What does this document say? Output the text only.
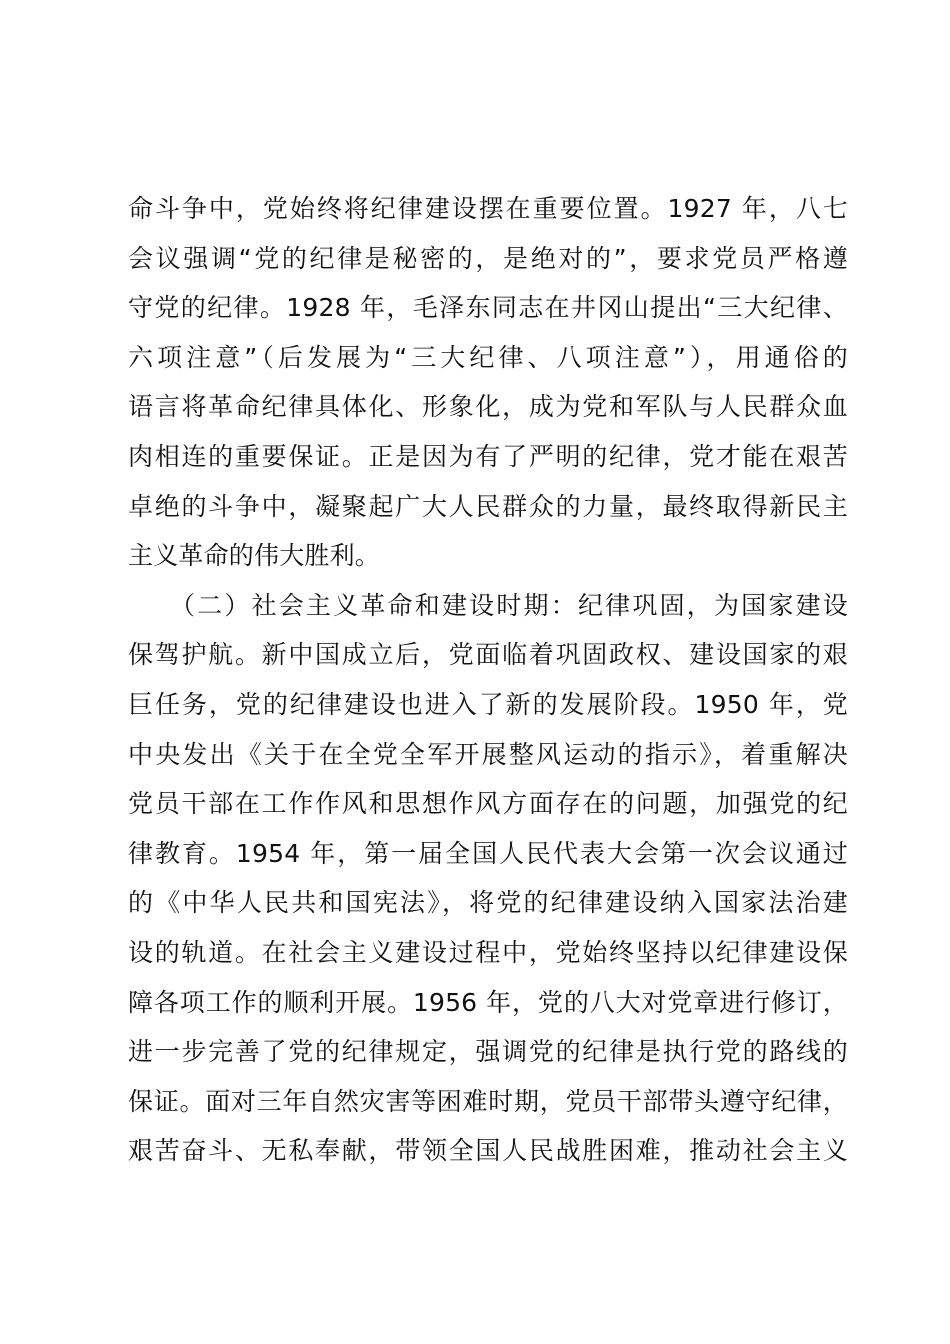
命斗争中，党始终将纪律建设摆在重要位置。1927 年，八七
会议强调“党的纪律是秘密的，是绝对的”，要求党员严格遵
守党的纪律。1928 年，毛泽东同志在井冈山提出“三大纪律、
六项注意”（后发展为“三大纪律、八项注意”），用通俗的
语言将革命纪律具体化、形象化，成为党和军队与人民群众血
肉相连的重要保证。正是因为有了严明的纪律，党才能在艰苦
卓绝的斗争中，凝聚起广大人民群众的力量，最终取得新民主
主义革命的伟大胜利。
　　（二）社会主义革命和建设时期：纪律巩固，为国家建设
保驾护航。新中国成立后，党面临着巩固政权、建设国家的艰
巨任务，党的纪律建设也进入了新的发展阶段。1950 年，党
中央发出《关于在全党全军开展整风运动的指示》，着重解决
党员干部在工作作风和思想作风方面存在的问题，加强党的纪
律教育。1954 年，第一届全国人民代表大会第一次会议通过
的《中华人民共和国宪法》，将党的纪律建设纳入国家法治建
设的轨道。在社会主义建设过程中，党始终坚持以纪律建设保
障各项工作的顺利开展。1956 年，党的八大对党章进行修订，
进一步完善了党的纪律规定，强调党的纪律是执行党的路线的
保证。面对三年自然灾害等困难时期，党员干部带头遵守纪律，
艰苦奋斗、无私奉献，带领全国人民战胜困难，推动社会主义
